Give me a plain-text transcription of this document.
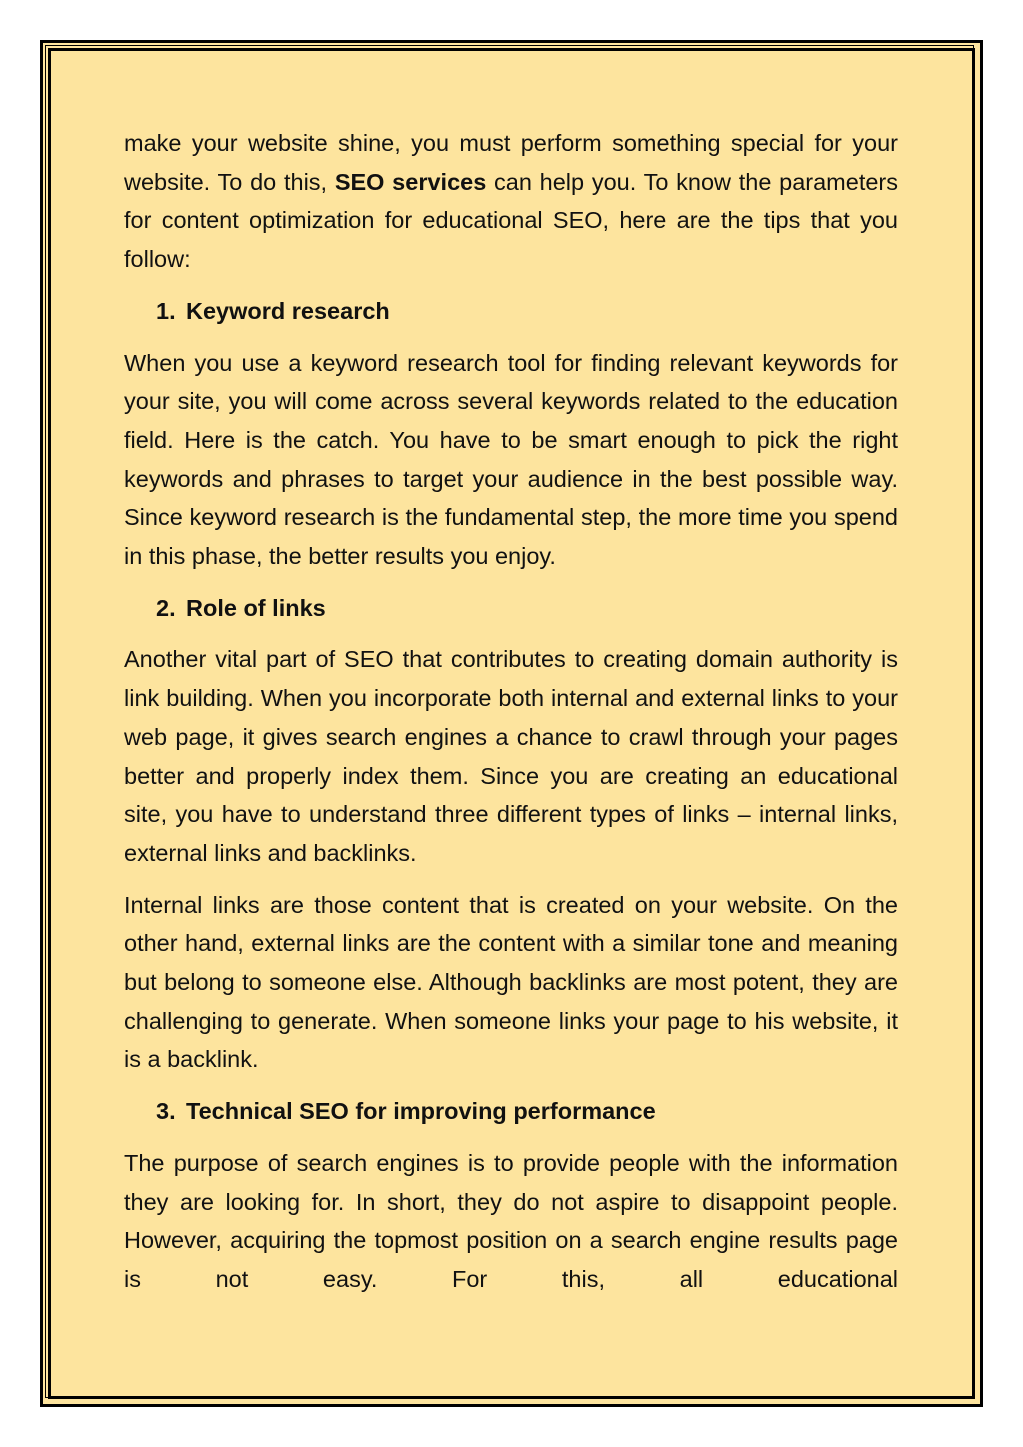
make your website shine, you must perform something special for your website. To do this, SEO services can help you. To know the parameters for content optimization for educational SEO, here are the tips that you follow:

1. Keyword research

When you use a keyword research tool for finding relevant keywords for your site, you will come across several keywords related to the education field. Here is the catch. You have to be smart enough to pick the right keywords and phrases to target your audience in the best possible way. Since keyword research is the fundamental step, the more time you spend in this phase, the better results you enjoy.

2. Role of links

Another vital part of SEO that contributes to creating domain authority is link building. When you incorporate both internal and external links to your web page, it gives search engines a chance to crawl through your pages better and properly index them. Since you are creating an educational site, you have to understand three different types of links – internal links, external links and backlinks.

Internal links are those content that is created on your website. On the other hand, external links are the content with a similar tone and meaning but belong to someone else. Although backlinks are most potent, they are challenging to generate. When someone links your page to his website, it is a backlink.

3. Technical SEO for improving performance

The purpose of search engines is to provide people with the information they are looking for. In short, they do not aspire to disappoint people. However, acquiring the topmost position on a search engine results page is not easy. For this, all educational
